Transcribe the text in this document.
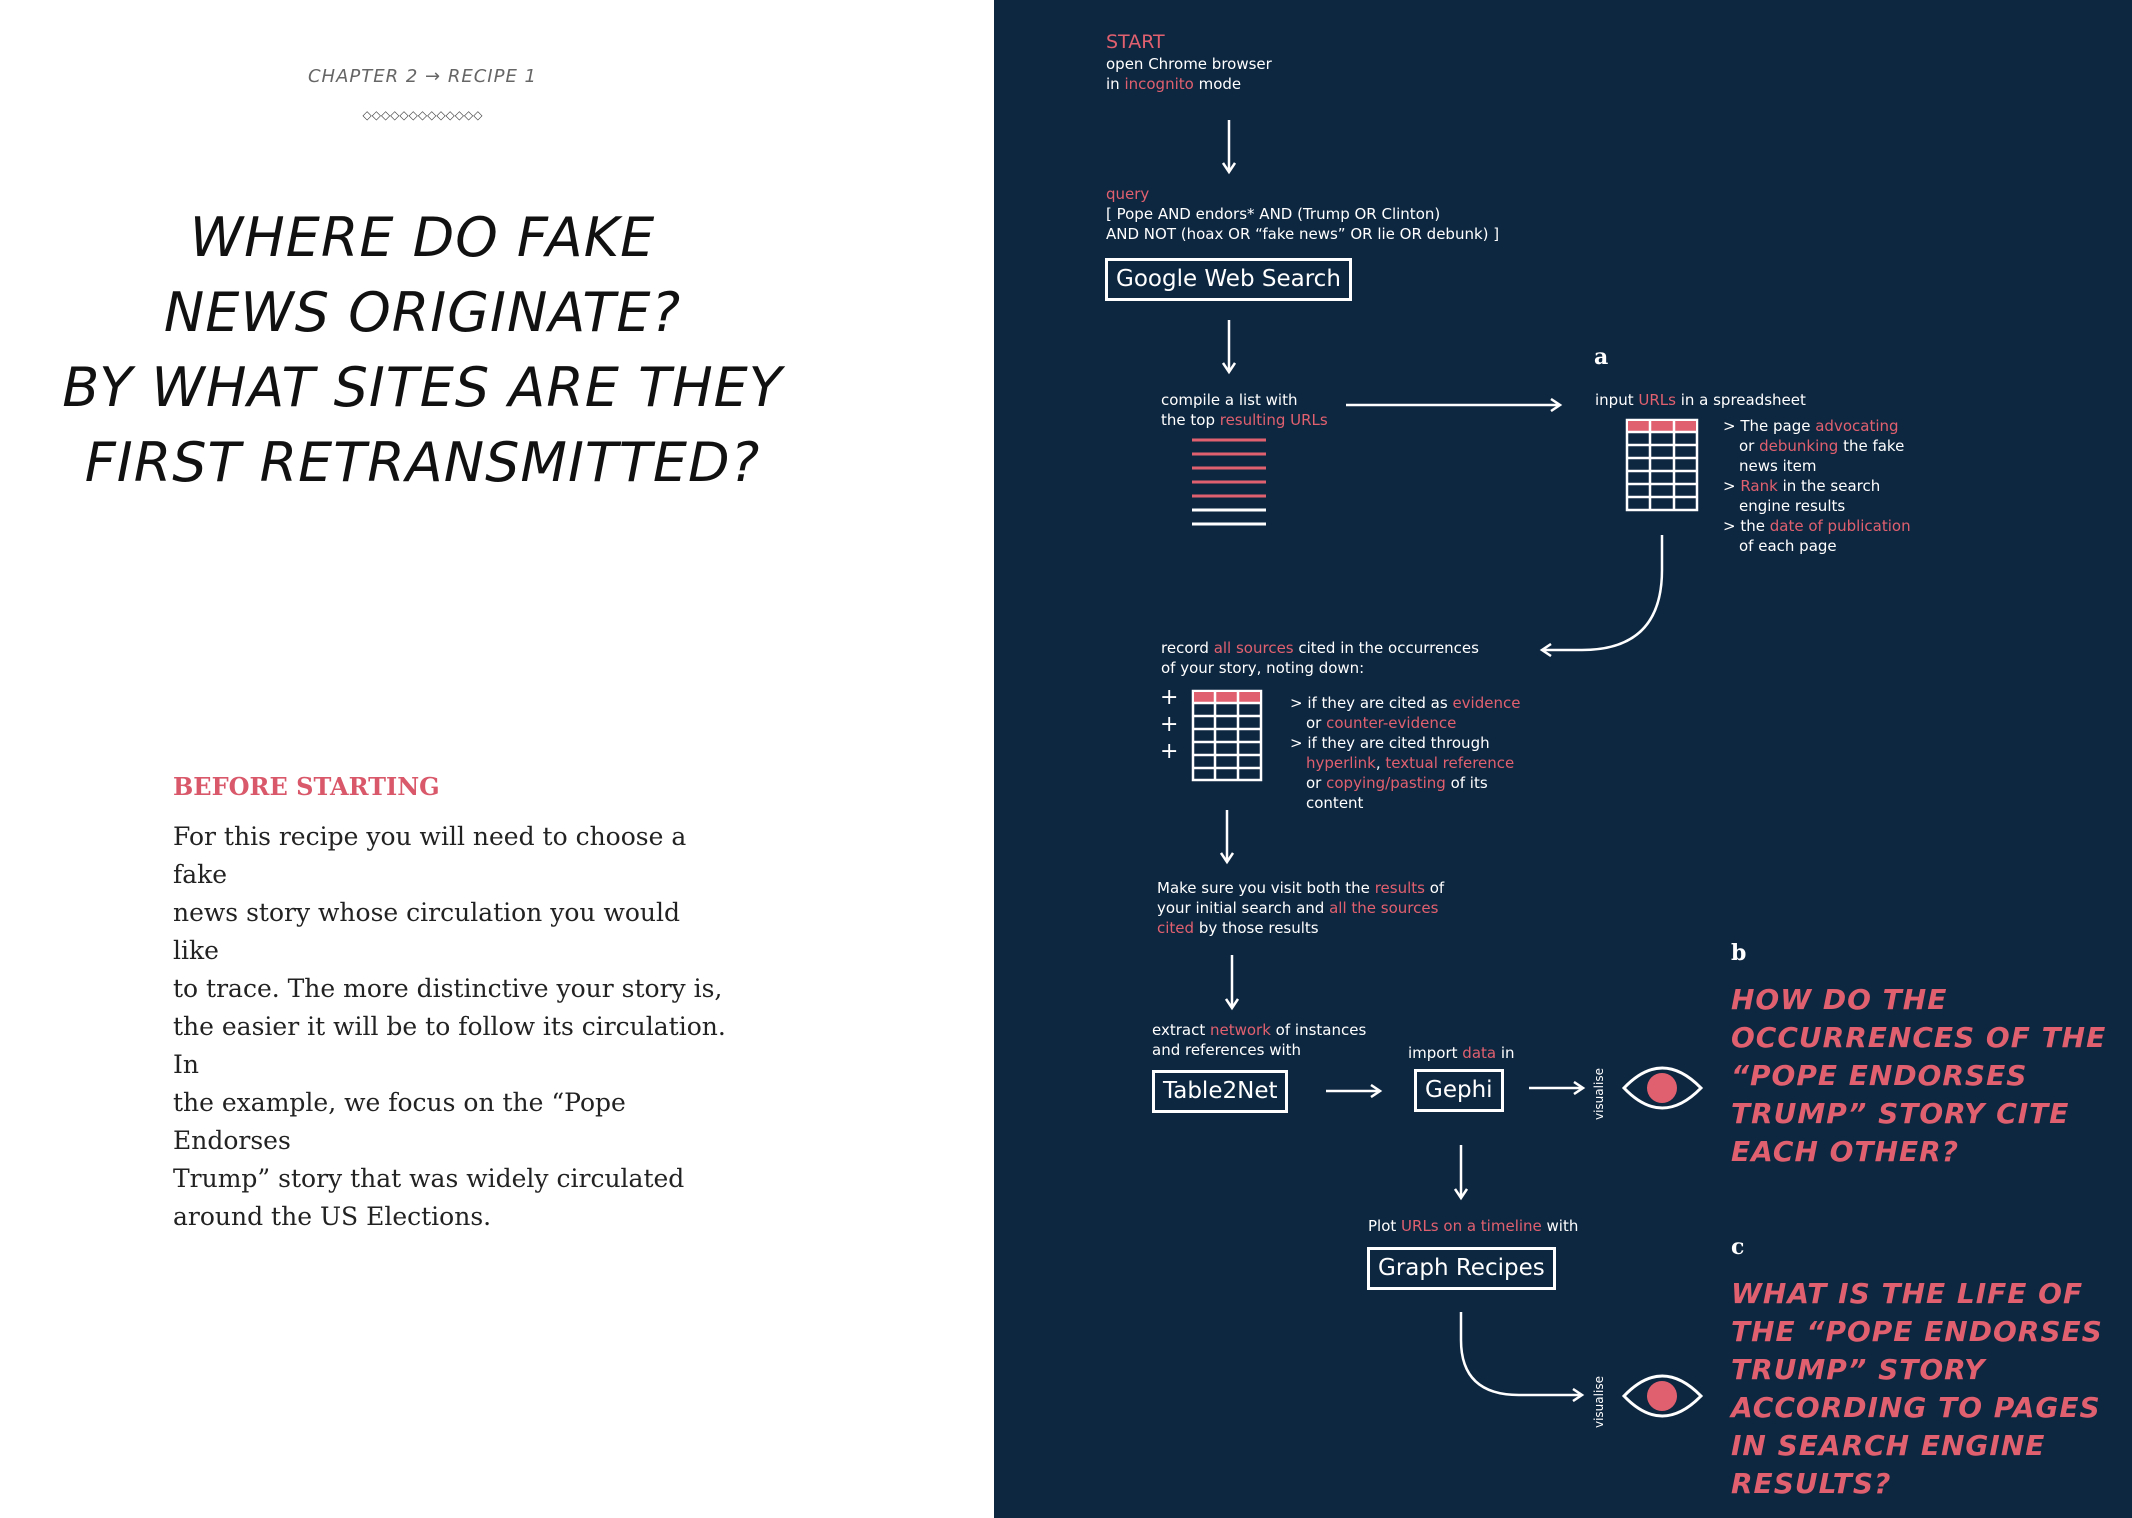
CHAPTER 2 → RECIPE 1
◇◇◇◇◇◇◇◇◇◇◇◇◇
WHERE DO FAKE
NEWS ORIGINATE?
BY WHAT SITES ARE THEY
FIRST RETRANSMITTED?
BEFORE STARTING
For this recipe you will need to choose a fake
news story whose circulation you would like
to trace. The more distinctive your story is,
the easier it will be to follow its circulation. In
the example, we focus on the “Pope Endorses
Trump” story that was widely circulated
around the US Elections.
START
open Chrome browser
in incognito mode
query
[ Pope AND endors* AND (Trump OR Clinton)
AND NOT (hoax OR “fake news” OR lie OR debunk) ]
Google Web Search
compile a list with
the top resulting URLs
a
input URLs in a spreadsheet
> The page advocating
or debunking the fake
news item
> Rank in the search
engine results
> the date of publication
of each page
record all sources cited in the occurrences
of your story, noting down:
+
+
+
> if they are cited as evidence
or counter-evidence
> if they are cited through
hyperlink, textual reference
or copying/pasting of its
content
Make sure you visit both the results of
your initial search and all the sources
cited by those results
extract network of instances
and references with
Table2Net
import data in
Gephi	visualise
b
HOW DO THE
OCCURRENCES OF THE
“POPE ENDORSES
TRUMP” STORY CITE
EACH OTHER?
Plot URLs on a timeline with
Graph Recipes
visualise
c
WHAT IS THE LIFE OF
THE “POPE ENDORSES
TRUMP” STORY
ACCORDING TO PAGES
IN SEARCH ENGINE
RESULTS?
